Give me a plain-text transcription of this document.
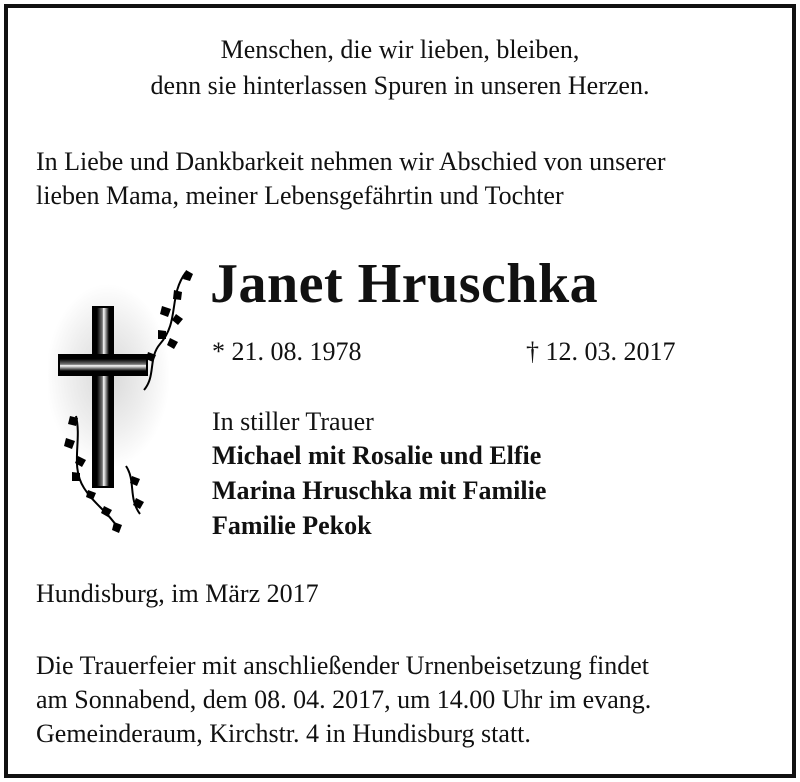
Menschen, die wir lieben, bleiben,
denn sie hinterlassen Spuren in unseren Herzen.
In Liebe und Dankbarkeit nehmen wir Abschied von unserer
lieben Mama, meiner Lebensgefährtin und Tochter
Janet Hruschka
* 21. 08. 1978	† 12. 03. 2017
In stiller Trauer
Michael mit Rosalie und Elfie
Marina Hruschka mit Familie
Familie Pekok
Hundisburg, im März 2017
Die Trauerfeier mit anschließender Urnenbeisetzung findet
am Sonnabend, dem 08. 04. 2017, um 14.00 Uhr im evang.
Gemeinderaum, Kirchstr. 4 in Hundisburg statt.
